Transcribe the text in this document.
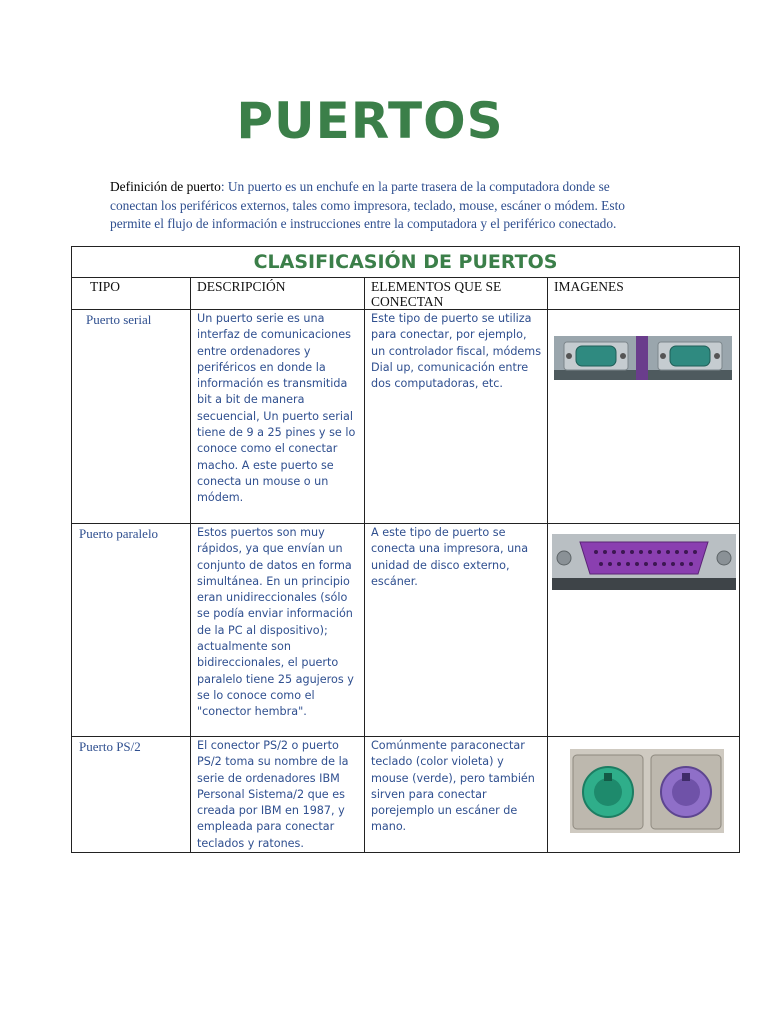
PUERTOS
Definición de puerto: Un puerto es un enchufe en la parte trasera de la computadora donde se conectan los periféricos externos, tales como impresora, teclado, mouse, escáner o módem. Esto permite el flujo de información e instrucciones entre la computadora y el periférico conectado.
CLASIFICASIÓN DE PUERTOS			
TIPO	DESCRIPCIÓN	ELEMENTOS QUE SE CONECTAN	IMAGENES
Puerto serial	Un puerto serie es una interfaz de comunicaciones entre ordenadores y periféricos en donde la información es transmitida bit a bit de manera secuencial, Un puerto serial tiene de 9 a 25 pines y se lo conoce como el conectar macho. A este puerto se conecta un mouse o un módem.	Este tipo de puerto se utiliza para conectar, por ejemplo, un controlador fiscal, módems Dial up, comunicación entre dos computadoras, etc.	

Puerto paralelo	Estos puertos son muy rápidos, ya que envían un conjunto de datos en forma simultánea. En un principio eran unidireccionales (sólo se podía enviar información de la PC al dispositivo); actualmente son bidireccionales, el puerto paralelo tiene 25 agujeros y se lo conoce como el "conector hembra".	A este tipo de puerto se conecta una impresora, una unidad de disco externo, escáner.	

Puerto PS/2	El conector PS/2 o puerto PS/2 toma su nombre de la serie de ordenadores IBM Personal Sistema/2 que es creada por IBM en 1987, y empleada para conectar teclados y ratones.	Comúnmente paraconectar teclado (color violeta) y mouse (verde), pero también sirven para conectar porejemplo un escáner de mano.	
